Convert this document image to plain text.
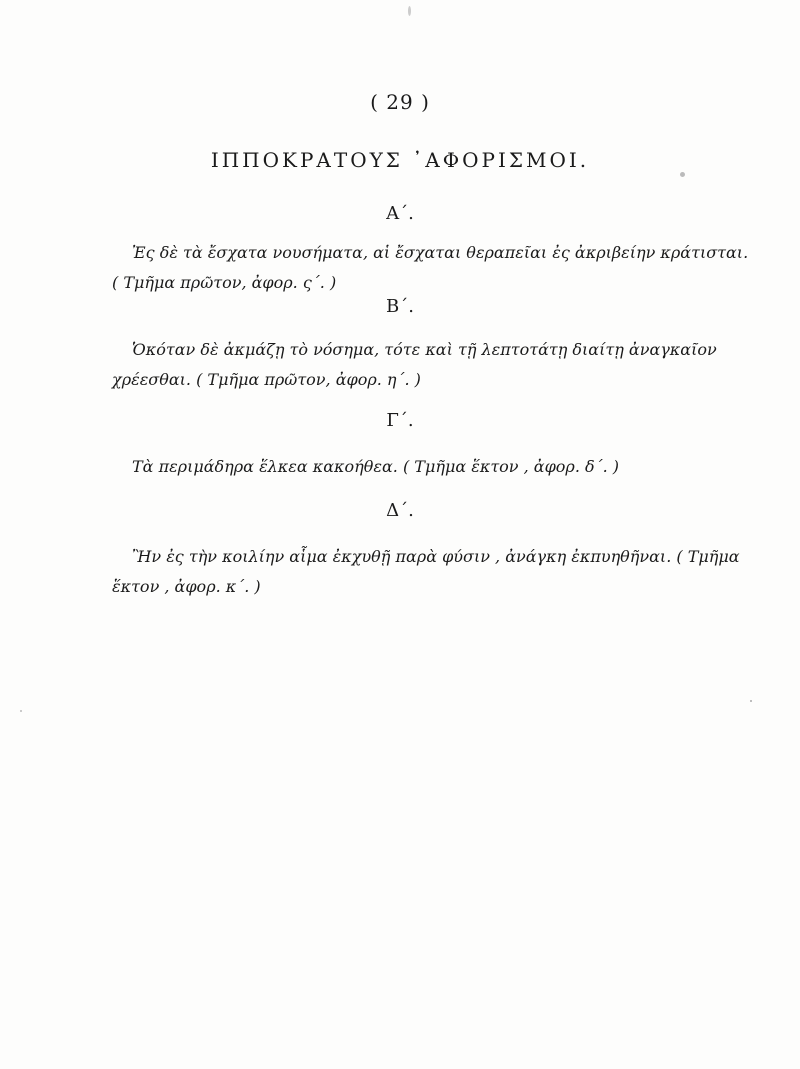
( 29 )
ΙΠΠΟΚΡΑΤΟΥΣ ᾿ΑΦΟΡΙΣΜΟΙ.
Α΄.
Ἐς δὲ τὰ ἔσχατα νουσήματα, αἱ ἔσχαται θεραπεῖαι ἐς ἀκριβείην κράτισται.
( Τμῆμα πρῶτον, ἀφορ. ς΄. )
Β΄.
Ὁκόταν δὲ ἀκμάζῃ τὸ νόσημα, τότε καὶ τῇ λεπτοτάτῃ διαίτῃ ἀναγκαῖον
χρέεσθαι. ( Τμῆμα πρῶτον, ἀφορ. η΄. )
Γ΄.
Τὰ περιμάδηρα ἕλκεα κακοήθεα. ( Τμῆμα ἕκτον , ἀφορ. δ΄. )
Δ΄.
Ἢν ἐς τὴν κοιλίην αἷμα ἐκχυθῇ παρὰ φύσιν , ἀνάγκη ἐκπυηθῆναι. ( Τμῆμα
ἕκτον , ἀφορ. κ΄. )
